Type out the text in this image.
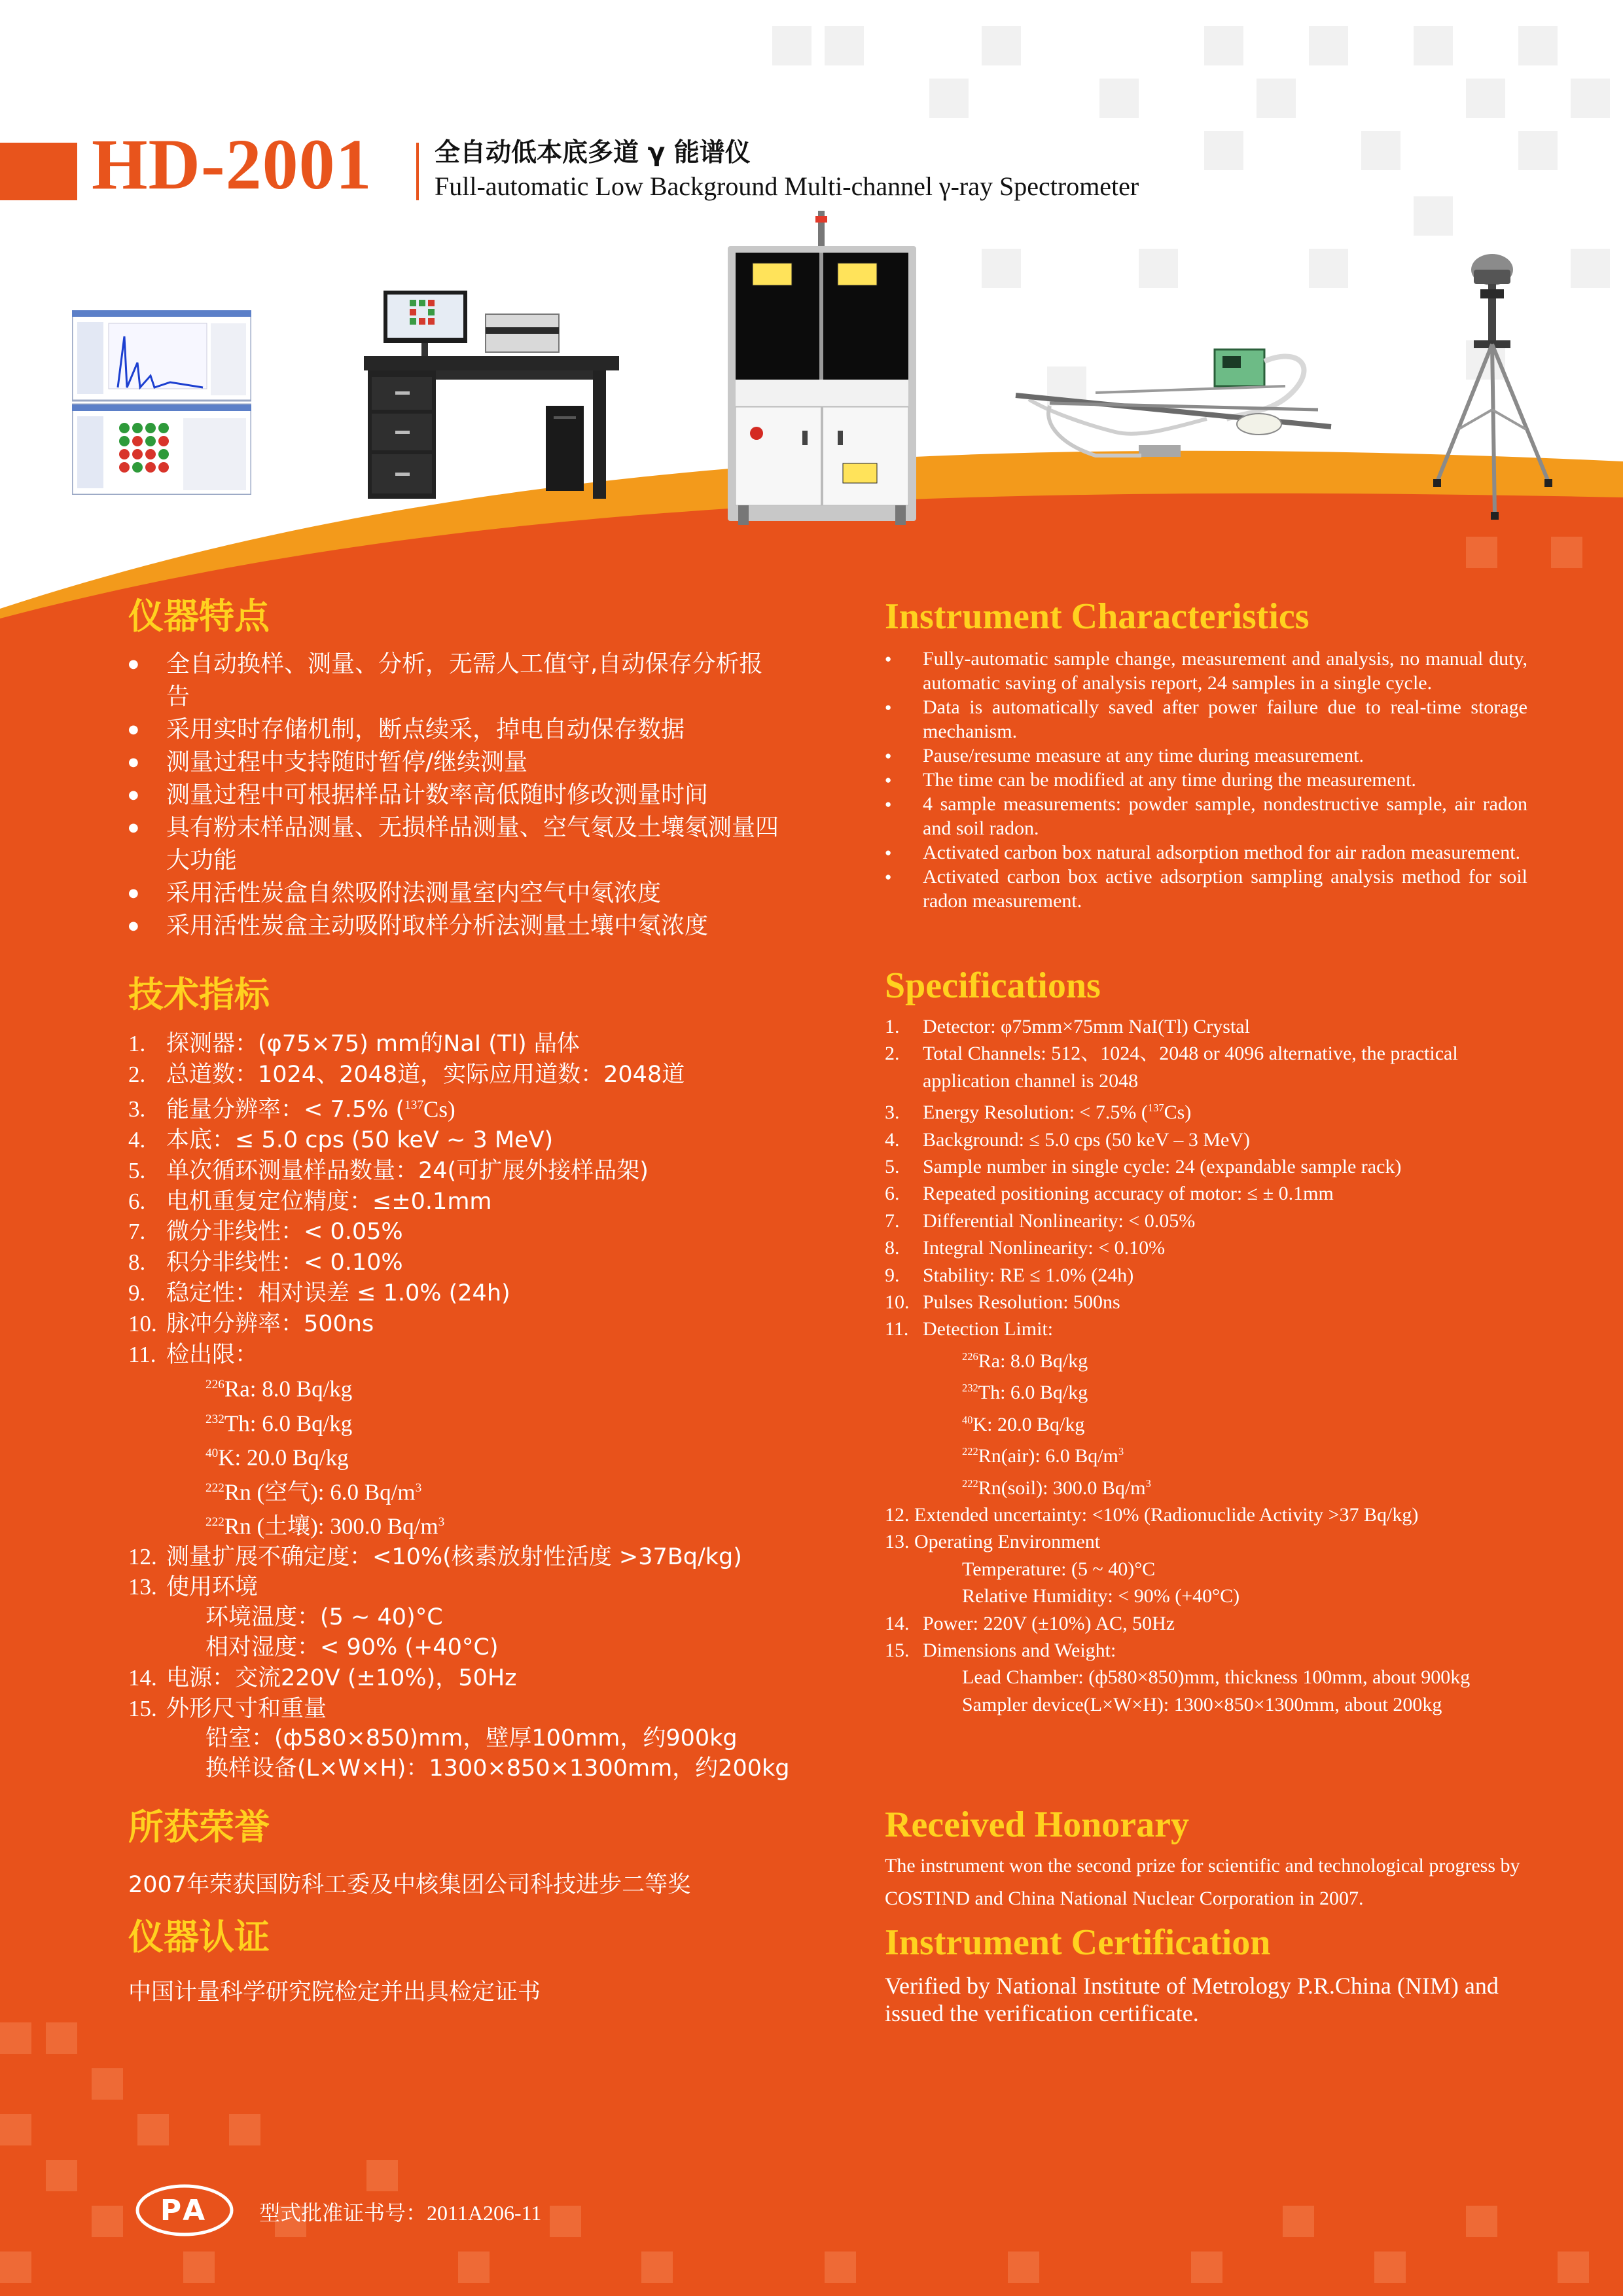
HD-2001 全自动低本底多道 γ 能谱仪
Full-automatic Low Background Multi-channel γ-ray Spectrometer
仪器特点
● 全自动换样、测量、分析，无需人工值守,自动保存分析报告
● 采用实时存储机制，断点续采，掉电自动保存数据
● 测量过程中支持随时暂停/继续测量
● 测量过程中可根据样品计数率高低随时修改测量时间
● 具有粉末样品测量、无损样品测量、空气氡及土壤氡测量四大功能
● 采用活性炭盒自然吸附法测量室内空气中氡浓度
● 采用活性炭盒主动吸附取样分析法测量土壤中氡浓度
Instrument Characteristics
● Fully-automatic sample change, measurement and analysis, no manual duty, automatic saving of analysis report, 24 samples in a single cycle.
● Data is automatically saved after power failure due to real-time storage mechanism.
● Pause/resume measure at any time during measurement.
● The time can be modified at any time during the measurement.
● 4 sample measurements: powder sample, nondestructive sample, air radon and soil radon.
● Activated carbon box natural adsorption method for air radon measurement.
● Activated carbon box active adsorption sampling analysis method for soil radon measurement.
技术指标
1. 探测器：(φ75×75) mm的NaI (Tl) 晶体
2. 总道数：1024、2048道，实际应用道数：2048道
3. 能量分辨率：< 7.5% ($^{137}$Cs)
4. 本底：≤ 5.0 cps (50 keV ~ 3 MeV)
5. 单次循环测量样品数量：24(可扩展外接样品架)
6. 电机重复定位精度：≤±0.1mm
7. 微分非线性：< 0.05%
8. 积分非线性：< 0.10%
9. 稳定性：相对误差 ≤ 1.0% (24h)
10. 脉冲分辨率：500ns
11. 检出限：
$^{226}$Ra: 8.0 Bq/kg
$^{232}$Th: 6.0 Bq/kg
$^{40}$K: 20.0 Bq/kg
$^{222}$Rn (空气): 6.0 $Bq/m^3$
$^{222}$Rn (土壤): 300.0 $Bq/m^3$
12. 测量扩展不确定度：<10%(核素放射性活度 >37Bq/kg)
13. 使用环境
环境温度：(5 ~ 40)°C
相对湿度：< 90% (+40°C)
14. 电源：交流220V (±10%)，50Hz
15. 外形尺寸和重量
铅室：(ф580×850)mm，壁厚100mm，约900kg
换样设备(L×W×H)：1300×850×1300mm，约200kg
Specifications
1. Detector: φ75mm×75mm NaI(Tl) Crystal
2. Total Channels: 512、1024、2048 or 4096 alternative, the practical
application channel is 2048
3. Energy Resolution: < 7.5% ($^{137}$Cs)
4. Background: ≤ 5.0 cps (50 keV – 3 MeV)
5. Sample number in single cycle: 24 (expandable sample rack)
6. Repeated positioning accuracy of motor: ≤ ± 0.1mm
7. Differential Nonlinearity: < 0.05%
8. Integral Nonlinearity: < 0.10%
9. Stability: RE ≤ 1.0% (24h)
10. Pulses Resolution: 500ns
11. Detection Limit:
$^{226}$Ra: 8.0 Bq/kg
$^{232}$Th: 6.0 Bq/kg
$^{40}$K: 20.0 Bq/kg
$^{222}$Rn(air): 6.0 $Bq/m^3$
$^{222}$Rn(soil): 300.0 $Bq/m^3$
12. Extended uncertainty: <10% (Radionuclide Activity >37 Bq/kg)
13. Operating Environment
Temperature: (5 ~ 40)°C
Relative Humidity: < 90% (+40°C)
14. Power: 220V (±10%) AC, 50Hz
15. Dimensions and Weight:
Lead Chamber: (ф580×850)mm, thickness 100mm, about 900kg
Sampler device(L×W×H): 1300×850×1300mm, about 200kg
所获荣誉
2007年荣获国防科工委及中核集团公司科技进步二等奖
仪器认证
中国计量科学研究院检定并出具检定证书
Received Honorary
The instrument won the second prize for scientific and technological progress by COSTIND and China National Nuclear Corporation in 2007.
Instrument Certification
Verified by National Institute of Metrology P.R.China (NIM) and issued the verification certificate.
PA 型式批准证书号：2011A206-11
